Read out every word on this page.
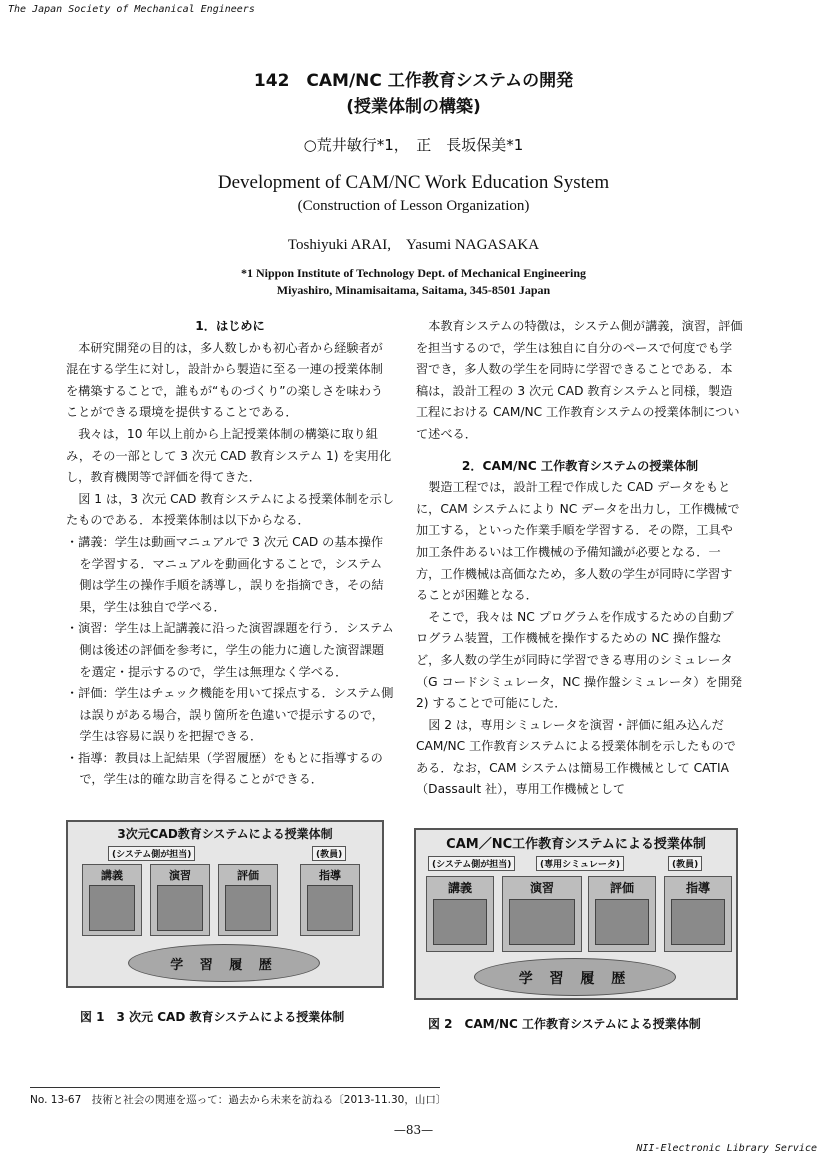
The Japan Society of Mechanical Engineers
142　CAM/NC 工作教育システムの開発
(授業体制の構築)
○荒井敏行*1，　正　長坂保美*1
Development of CAM/NC Work Education System
(Construction of Lesson Organization)
Toshiyuki ARAI,　Yasumi NAGASAKA
*1 Nippon Institute of Technology Dept. of Mechanical Engineering
Miyashiro, Minamisaitama, Saitama, 345-8501 Japan

1．はじめに

本研究開発の目的は，多人数しかも初心者から経験者が混在する学生に対し，設計から製造に至る一連の授業体制を構築することで，誰もが“ものづくり”の楽しさを味わうことができる環境を提供することである．

我々は，10 年以上前から上記授業体制の構築に取り組み，その一部として 3 次元 CAD 教育システム 1) を実用化し，教育機関等で評価を得てきた．

図 1 は，3 次元 CAD 教育システムによる授業体制を示したものである．本授業体制は以下からなる．

・講義：学生は動画マニュアルで 3 次元 CAD の基本操作を学習する．マニュアルを動画化することで，システム側は学生の操作手順を誘導し，誤りを指摘でき，その結果，学生は独自で学べる．

・演習：学生は上記講義に沿った演習課題を行う．システム側は後述の評価を参考に，学生の能力に適した演習課題を選定・提示するので，学生は無理なく学べる．

・評価：学生はチェック機能を用いて採点する．システム側は誤りがある場合，誤り箇所を色違いで提示するので，学生は容易に誤りを把握できる．

・指導：教員は上記結果（学習履歴）をもとに指導するので，学生は的確な助言を得ることができる．

本教育システムの特徴は，システム側が講義，演習，評価を担当するので，学生は独自に自分のペースで何度でも学習でき，多人数の学生を同時に学習できることである．本稿は，設計工程の 3 次元 CAD 教育システムと同様，製造工程における CAM/NC 工作教育システムの授業体制について述べる．

2．CAM/NC 工作教育システムの授業体制

製造工程では，設計工程で作成した CAD データをもとに，CAM システムにより NC データを出力し，工作機械で加工する，といった作業手順を学習する．その際，工具や加工条件あるいは工作機械の予備知識が必要となる．一方，工作機械は高価なため，多人数の学生が同時に学習することが困難となる．

そこで，我々は NC プログラムを作成するための自動プログラム装置，工作機械を操作するための NC 操作盤など，多人数の学生が同時に学習できる専用のシミュレータ（G コードシミュレータ，NC 操作盤シミュレータ）を開発 2) することで可能にした．

図 2 は，専用シミュレータを演習・評価に組み込んだ CAM/NC 工作教育システムによる授業体制を示したものである．なお，CAM システムは簡易工作機械として CATIA（Dassault 社），専用工作機械として

3次元CAD教育システムによる授業体制
(システム側が担当)	(教員)
講義	演習	評価	指導
学 習 履 歴
図 1　3 次元 CAD 教育システムによる授業体制
CAM／NC工作教育システムによる授業体制
(システム側が担当)	(専用シミュレータ)	(教員)
講義	演習	評価	指導
学 習 履 歴
図 2　CAM/NC 工作教育システムによる授業体制
No. 13-67　技術と社会の関連を巡って：過去から未来を訪ねる〔2013-11.30，山口〕
—83—
NII-Electronic Library Service
